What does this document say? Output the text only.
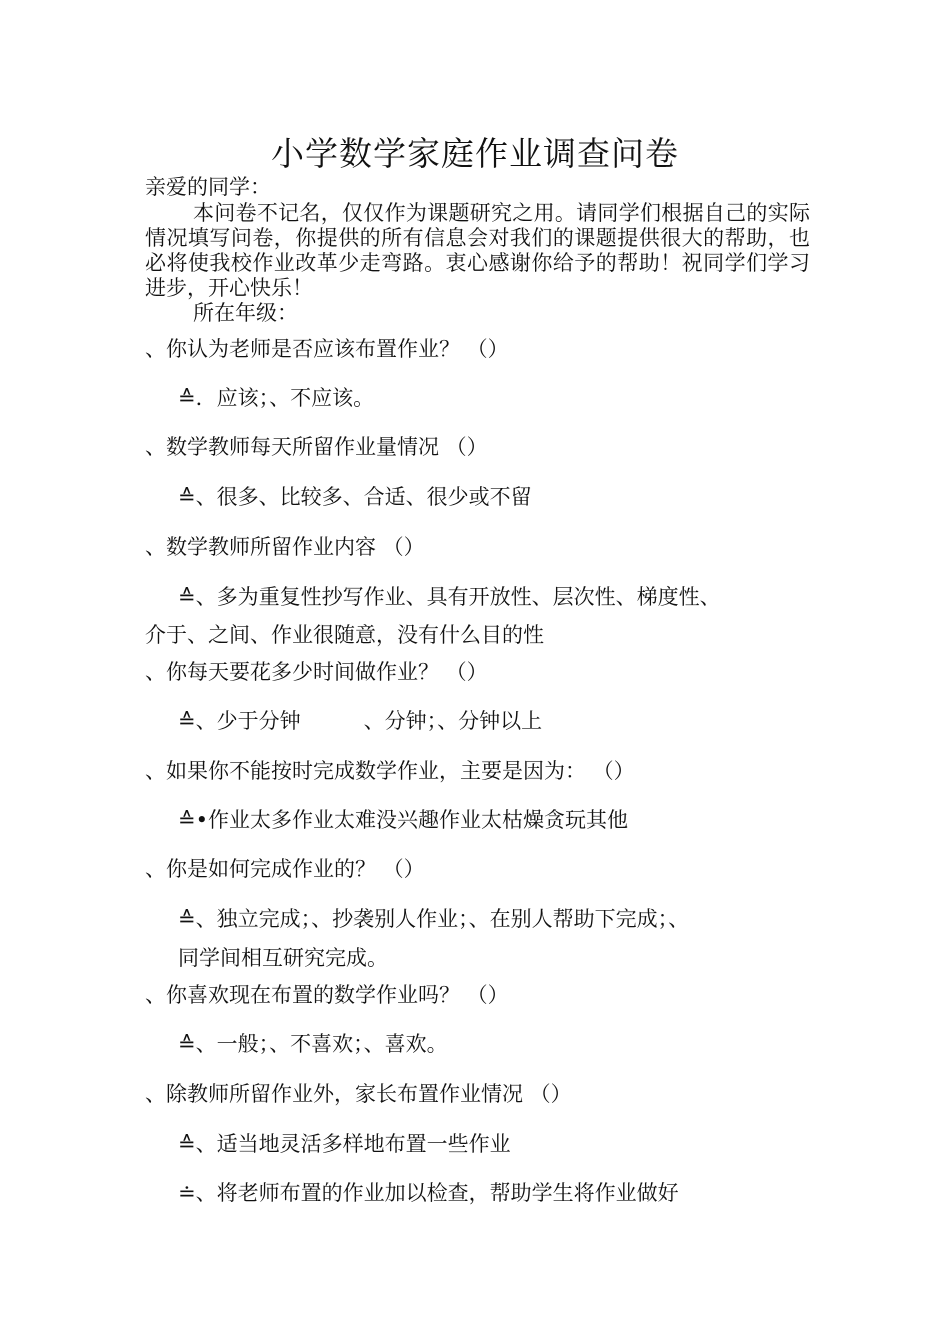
小学数学家庭作业调查问卷
亲爱的同学：
本问卷不记名，仅仅作为课题研究之用。请同学们根据自己的实际情况填写问卷，你提供的所有信息会对我们的课题提供很大的帮助，也必将使我校作业改革少走弯路。衷心感谢你给予的帮助！祝同学们学习进步，开心快乐！
所在年级：
、你认为老师是否应该布置作业？ （）
≙．应该；、不应该。
、数学教师每天所留作业量情况 （）
≙、很多、比较多、合适、很少或不留
、数学教师所留作业内容 （）
≙、多为重复性抄写作业、具有开放性、层次性、梯度性、
介于、之间、作业很随意，没有什么目的性
、你每天要花多少时间做作业？ （）
≙、少于分钟　　　、分钟；、分钟以上
、如果你不能按时完成数学作业，主要是因为： （）
≙•作业太多作业太难没兴趣作业太枯燥贪玩其他
、你是如何完成作业的？ （）
≙、独立完成；、抄袭别人作业；、在别人帮助下完成；、
同学间相互研究完成。
、你喜欢现在布置的数学作业吗？ （）
≙、一般；、不喜欢；、喜欢。
、除教师所留作业外，家长布置作业情况 （）
≙、适当地灵活多样地布置一些作业
≐、将老师布置的作业加以检查，帮助学生将作业做好
